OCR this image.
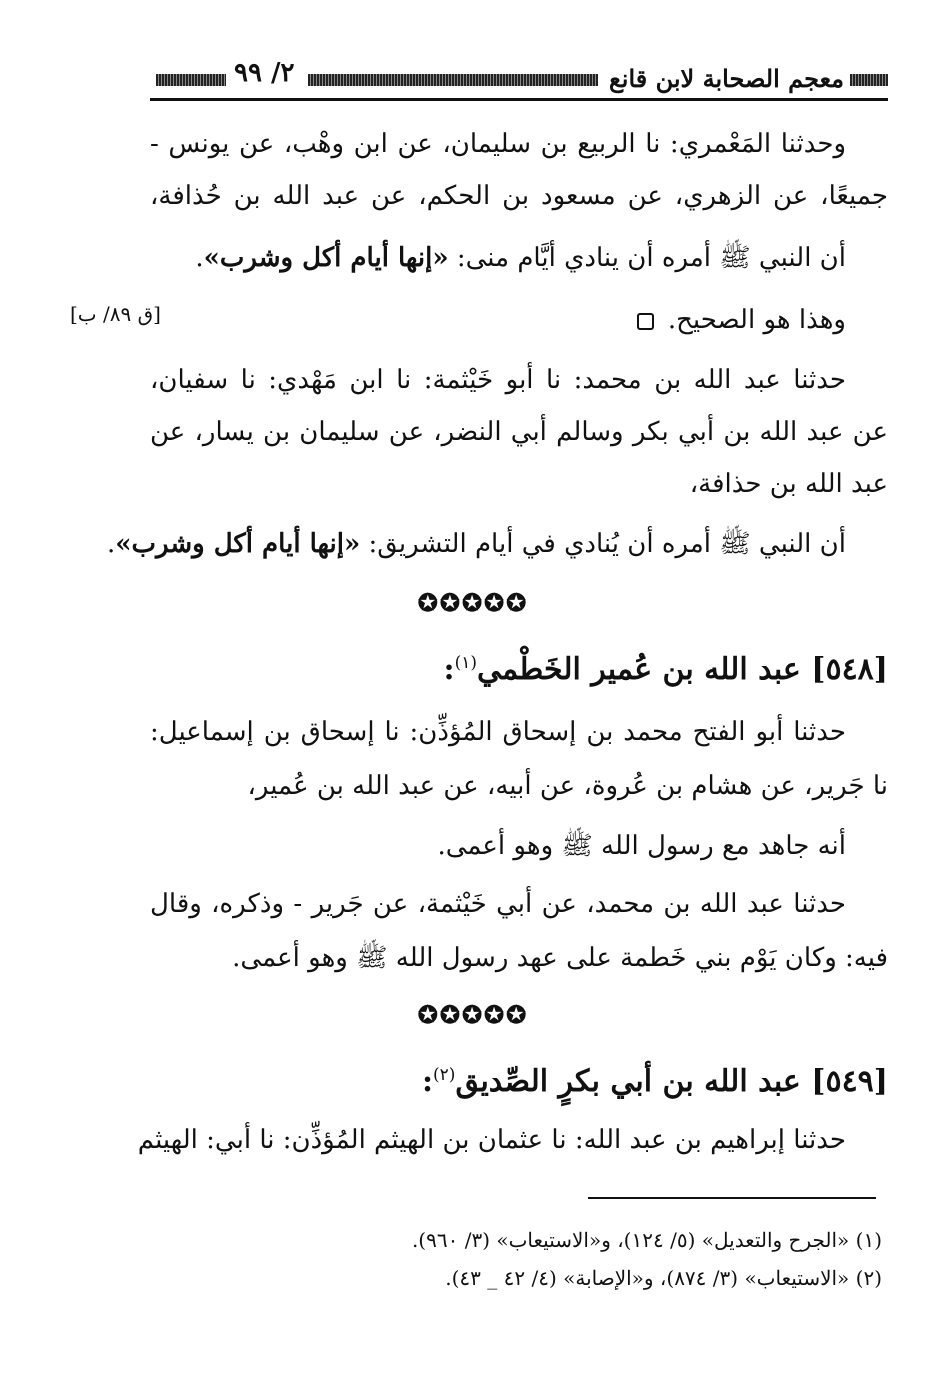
معجم الصحابة لابن قانع
٢/ ٩٩
وحدثنا المَعْمري: نا الربيع بن سليمان، عن ابن وهْب، عن يونس -
جميعًا، عن الزهري، عن مسعود بن الحكم، عن عبد الله بن حُذافة،
أن النبي ﷺ أمره أن ينادي أيَّام منى: «إنها أيام أكل وشرب».
وهذا هو الصحيح.
[ق ٨٩/ ب]
حدثنا عبد الله بن محمد: نا أبو خَيْثمة: نا ابن مَهْدي: نا سفيان،
عن عبد الله بن أبي بكر وسالم أبي النضر، عن سليمان بن يسار، عن
عبد الله بن حذافة،
أن النبي ﷺ أمره أن يُنادي في أيام التشريق: «إنها أيام أكل وشرب».
✪✪✪✪✪
[٥٤٨] عبد الله بن عُمير الخَطْمي$^{(١)}$:
حدثنا أبو الفتح محمد بن إسحاق المُؤذِّن: نا إسحاق بن إسماعيل:
نا جَرير، عن هشام بن عُروة، عن أبيه، عن عبد الله بن عُمير،
أنه جاهد مع رسول الله ﷺ وهو أعمى.
حدثنا عبد الله بن محمد، عن أبي خَيْثمة، عن جَرير - وذكره، وقال
فيه: وكان يَوْم بني خَطمة على عهد رسول الله ﷺ وهو أعمى.
✪✪✪✪✪
[٥٤٩] عبد الله بن أبي بكرٍ الصِّديق$^{(٢)}$:
حدثنا إبراهيم بن عبد الله: نا عثمان بن الهيثم المُؤذِّن: نا أبي: الهيثم
(١) «الجرح والتعديل» (٥/ ١٢٤)، و«الاستيعاب» (٣/ ٩٦٠).
(٢) «الاستيعاب» (٣/ ٨٧٤)، و«الإصابة» (٤/ ٤٢ _ ٤٣).
